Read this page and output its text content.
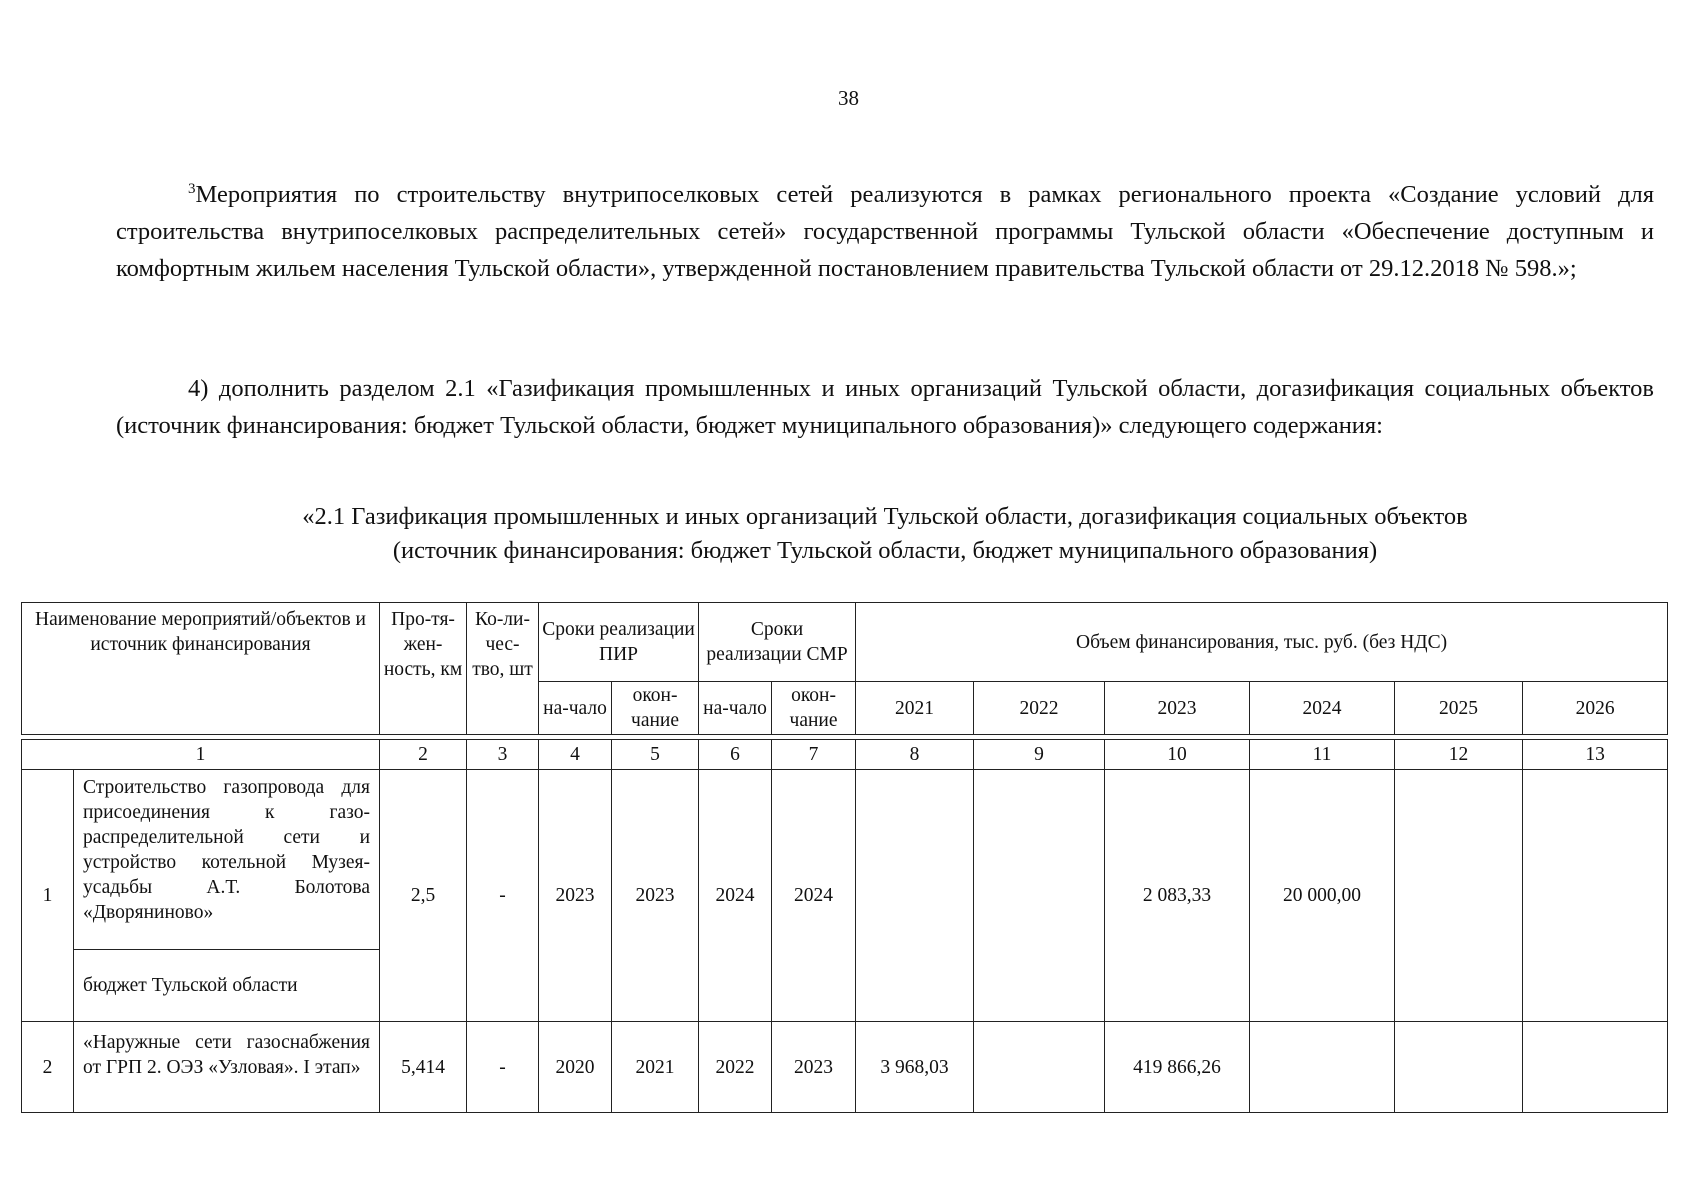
38
$^3$Мероприятия по строительству внутрипоселковых сетей реализуются в рамках регионального проекта «Создание условий для строительства внутрипоселковых распределительных сетей» государственной программы Тульской области «Обеспечение доступным и комфортным жильем населения Тульской области», утвержденной постановлением правительства Тульской области от 29.12.2018 № 598.»;
4) дополнить разделом 2.1 «Газификация промышленных и иных организаций Тульской области, догазификация социальных объектов (источник финансирования: бюджет Тульской области, бюджет муниципального образования)» следующего содержания:
«2.1 Газификация промышленных и иных организаций Тульской области, догазификация социальных объектов
(источник финансирования: бюджет Тульской области, бюджет муниципального образования)
Наименование мероприятий/объектов и источник финансирования		Про-тя-жен-ность, км	Ко-ли-чес-тво, шт	Сроки реализации ПИР		Сроки реализации СМР		Объем финансирования, тыс. руб. (без НДС)					
				на-чало	окон-чание	на-чало	окон-чание	2021	2022	2023	2024	2025	2026

1		2	3	4	5	6	7	8	9	10	11	12	13
1	Строительство газопровода для присоединения к газо-распределительной сети и устройство котельной Музея-усадьбы А.Т. Болотова «Дворяниново»	2,5	-	2023	2023	2024	2024			2 083,33	20 000,00		
	бюджет Тульской области												
2	«Наружные сети газоснабжения от ГРП 2. ОЭЗ «Узловая». I этап»	5,414	-	2020	2021	2022	2023	3 968,03		419 866,26			
